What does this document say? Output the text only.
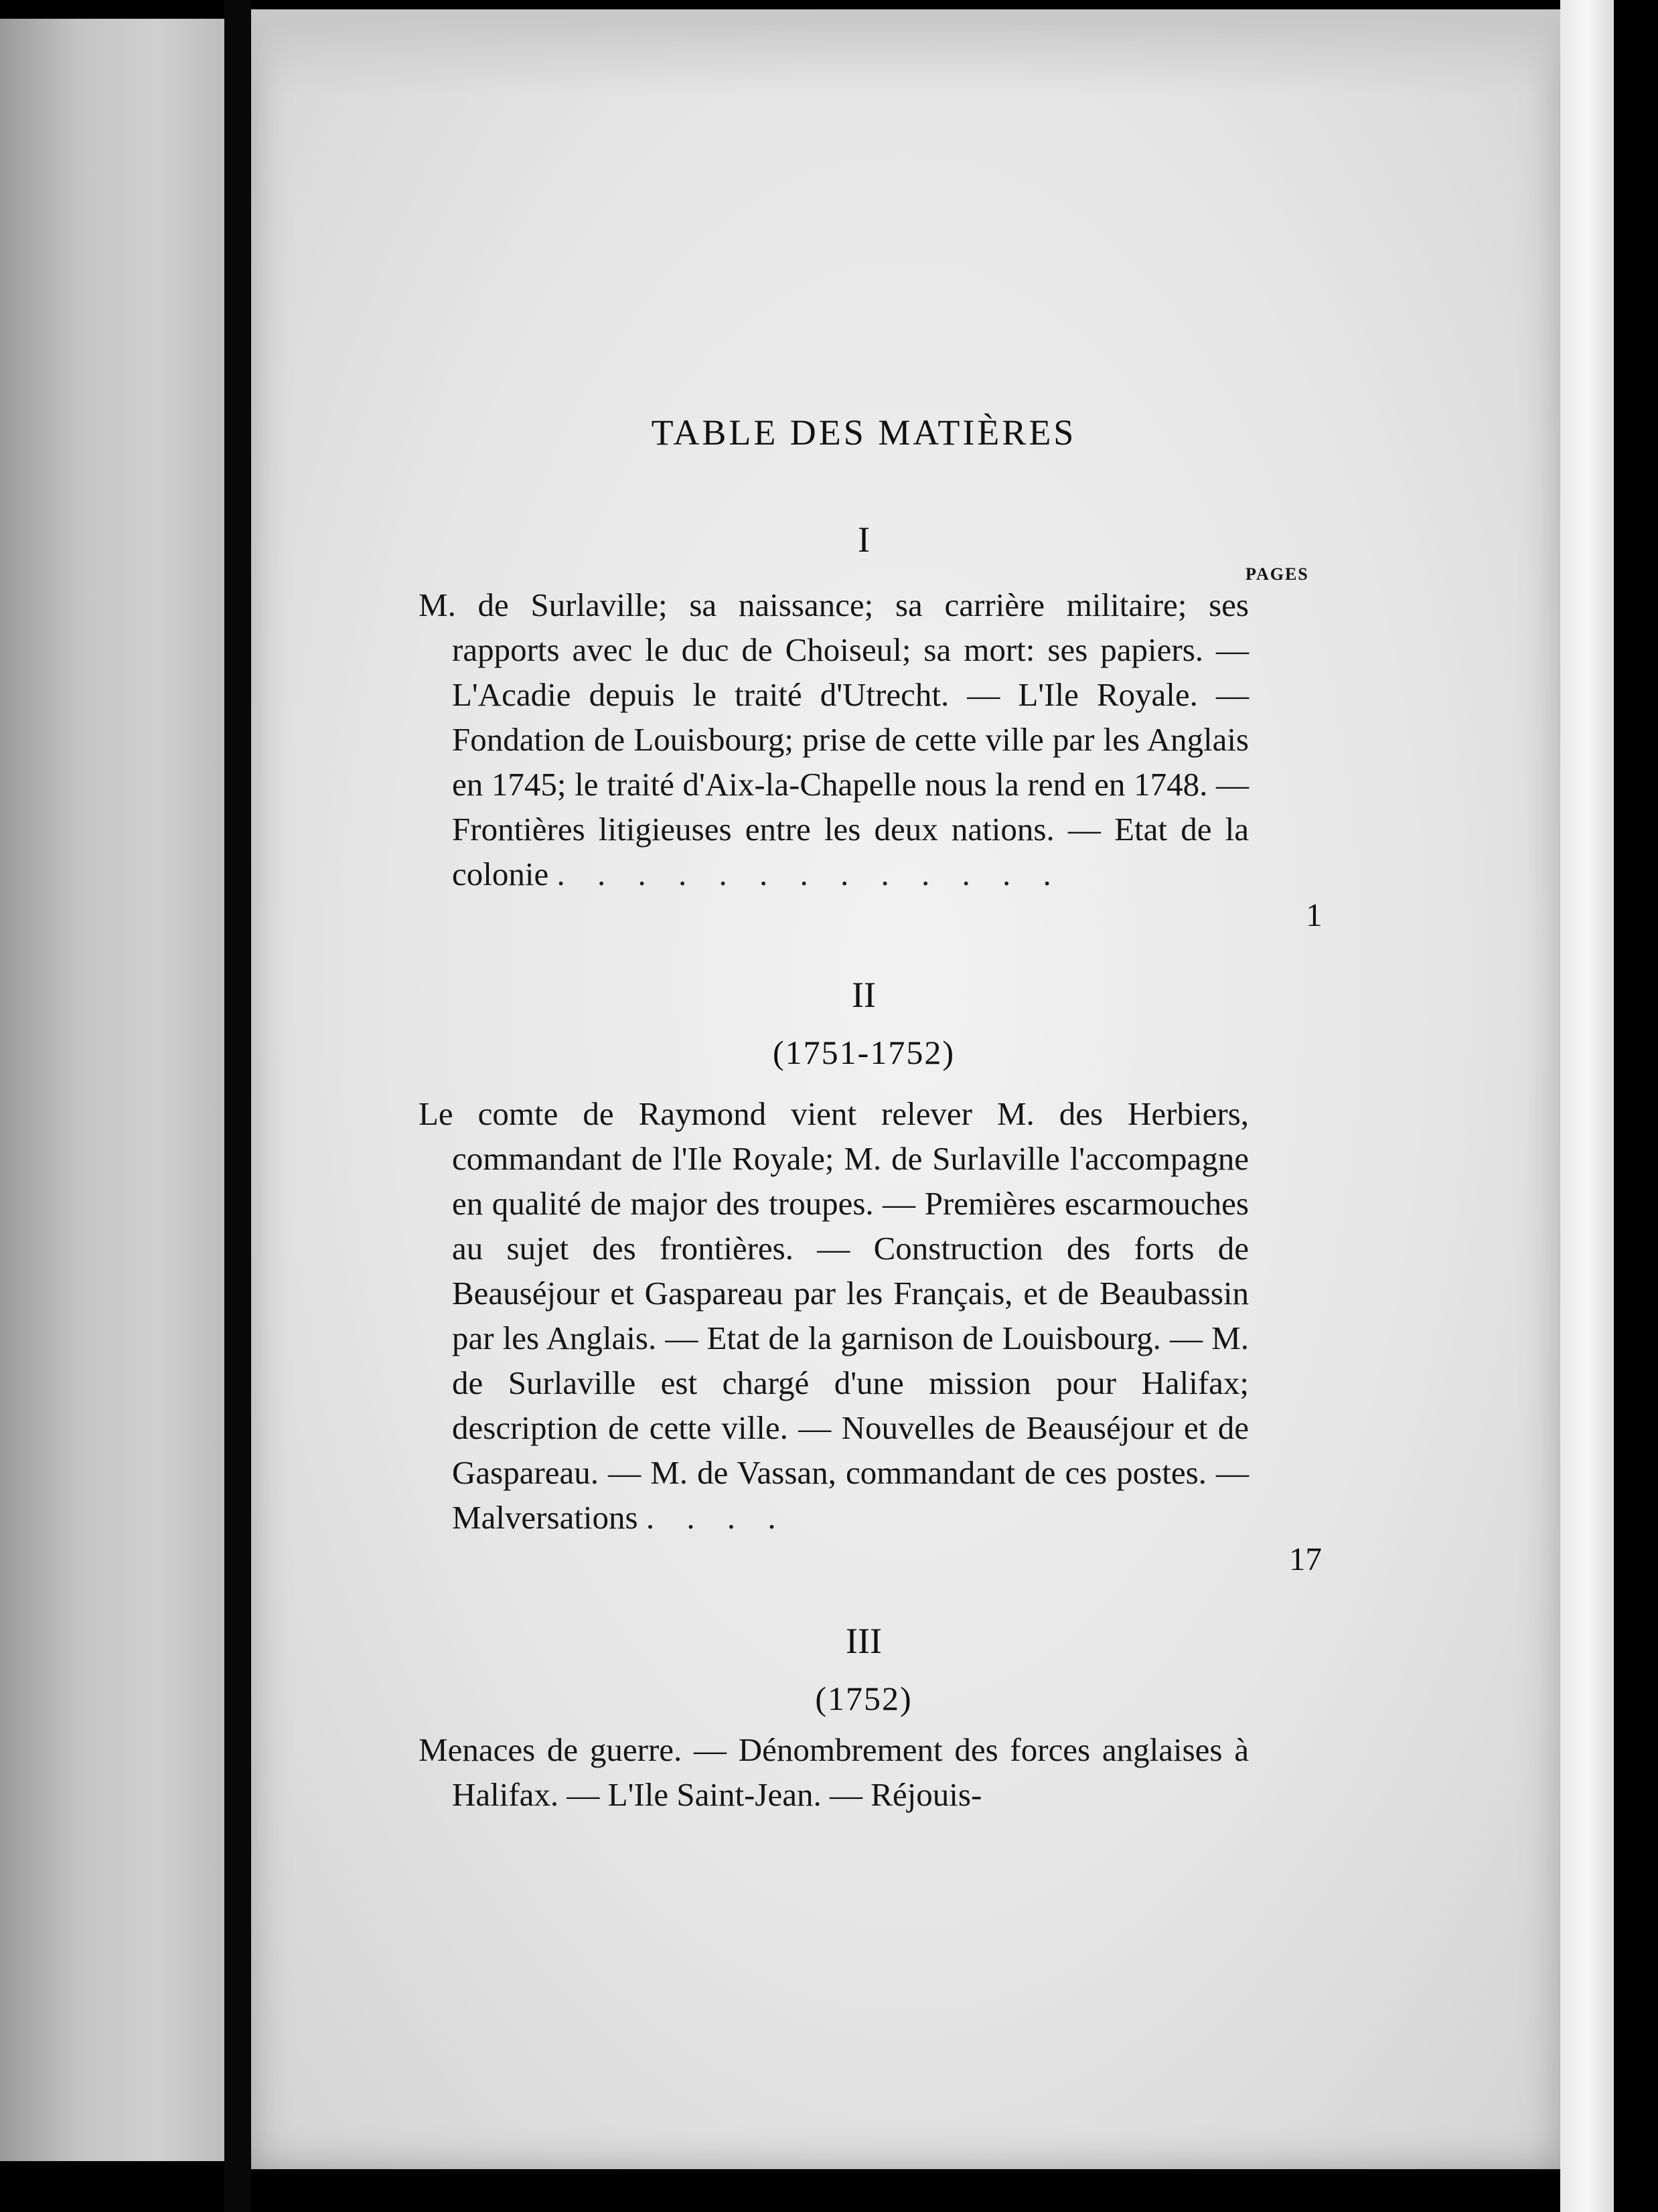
TABLE DES MATIÈRES
PAGES
I
M. de Surlaville; sa naissance; sa carrière militaire; ses rapports avec le duc de Choiseul; sa mort: ses papiers. — L'Acadie depuis le traité d'Utrecht. — L'Ile Royale. — Fondation de Louisbourg; prise de cette ville par les Anglais en 1745; le traité d'Aix-la-Chapelle nous la rend en 1748. — Frontières litigieuses entre les deux nations. — Etat de la colonie . . . . . . . . . . . . .
1
II
(1751-1752)
Le comte de Raymond vient relever M. des Herbiers, commandant de l'Ile Royale; M. de Surlaville l'accompagne en qualité de major des troupes. — Premières escarmouches au sujet des frontières. — Construction des forts de Beauséjour et Gaspareau par les Français, et de Beaubassin par les Anglais. — Etat de la garnison de Louisbourg. — M. de Surlaville est chargé d'une mission pour Halifax; description de cette ville. — Nouvelles de Beauséjour et de Gaspareau. — M. de Vassan, commandant de ces postes. — Malversations . . . .
17
III
(1752)
Menaces de guerre. — Dénombrement des forces anglaises à Halifax. — L'Ile Saint-Jean. — Réjouis-
